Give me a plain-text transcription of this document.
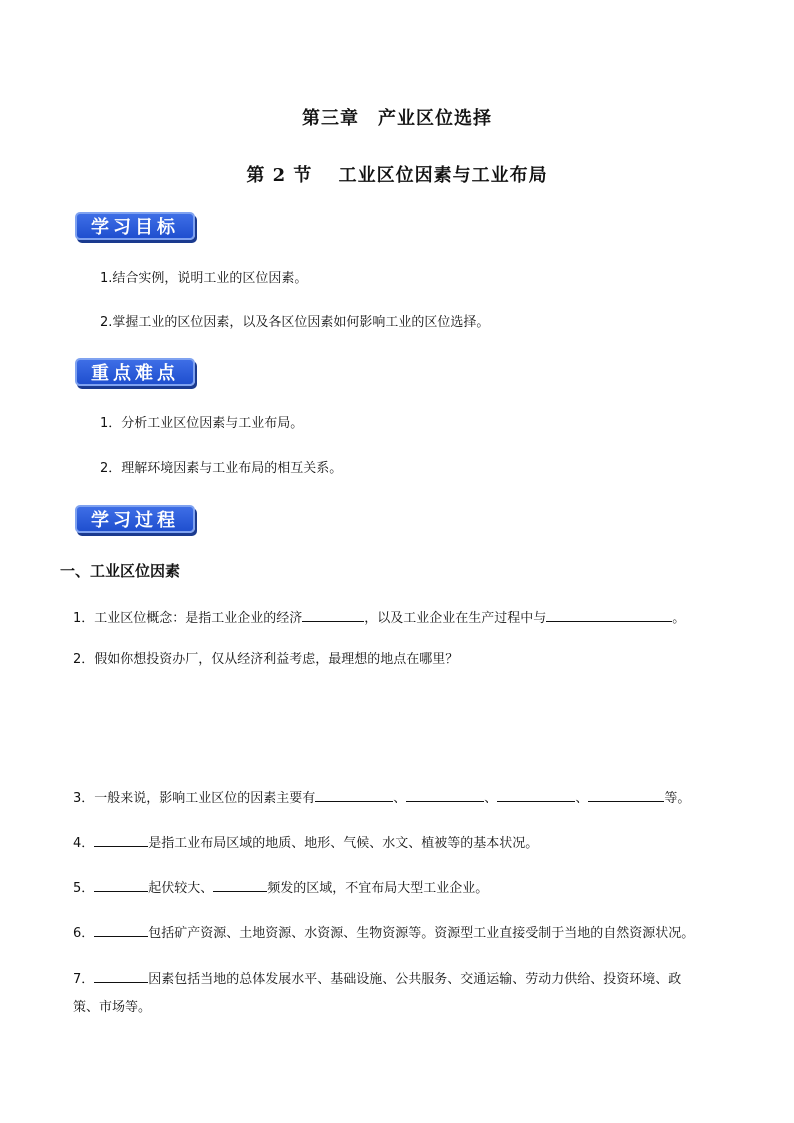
第三章　产业区位选择
第 2 节　 工业区位因素与工业布局
学习目标
1.结合实例，说明工业的区位因素。
2.掌握工业的区位因素，以及各区位因素如何影响工业的区位选择。
重点难点
1．分析工业区位因素与工业布局。
2．理解环境因素与工业布局的相互关系。
学习过程
一、工业区位因素
1．工业区位概念：是指工业企业的经济	，以及工业企业在生产过程中与	。
2．假如你想投资办厂，仅从经济利益考虑，最理想的地点在哪里？
3．一般来说，影响工业区位的因素主要有	、	、	、	等。
4．	是指工业布局区域的地质、地形、气候、水文、植被等的基本状况。
5．	起伏较大、	频发的区域，不宜布局大型工业企业。
6．	包括矿产资源、土地资源、水资源、生物资源等。资源型工业直接受制于当地的自然资源状况。
7．	因素包括当地的总体发展水平、基础设施、公共服务、交通运输、劳动力供给、投资环境、政
策、市场等。
